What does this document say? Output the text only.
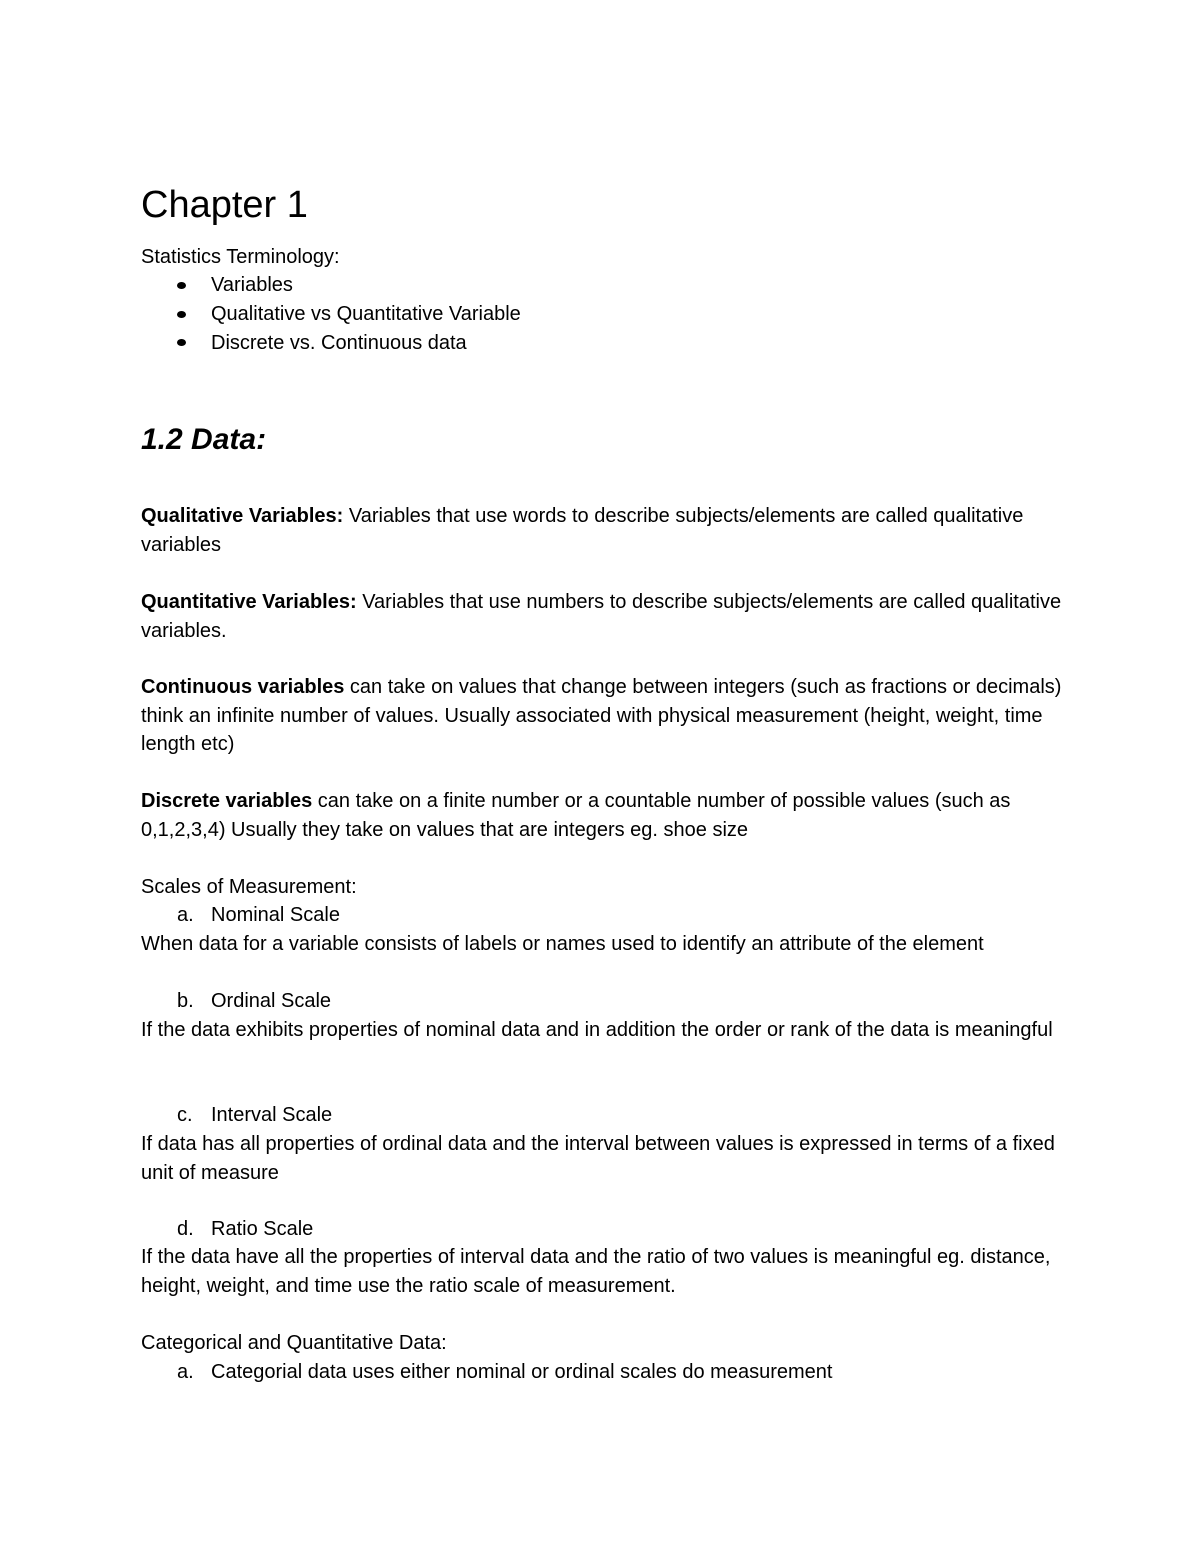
Chapter 1
Statistics Terminology:
Variables
Qualitative vs Quantitative Variable
Discrete vs. Continuous data
1.2 Data:
Qualitative Variables: Variables that use words to describe subjects/elements are called qualitative variables
Quantitative Variables: Variables that use numbers to describe subjects/elements are called qualitative variables.
Continuous variables can take on values that change between integers (such as fractions or decimals) think an infinite number of values. Usually associated with physical measurement (height, weight, time length etc)
Discrete variables can take on a finite number or a countable number of possible values (such as 0,1,2,3,4) Usually they take on values that are integers eg. shoe size
Scales of Measurement:
a. Nominal Scale
When data for a variable consists of labels or names used to identify an attribute of the element
b. Ordinal Scale
If the data exhibits properties of nominal data and in addition the order or rank of the data is meaningful
c. Interval Scale
If data has all properties of ordinal data and the interval between values is expressed in terms of a fixed unit of measure
d. Ratio Scale
If the data have all the properties of interval data and the ratio of two values is meaningful eg. distance, height, weight, and time use the ratio scale of measurement.
Categorical and Quantitative Data:
a. Categorial data uses either nominal or ordinal scales do measurement
